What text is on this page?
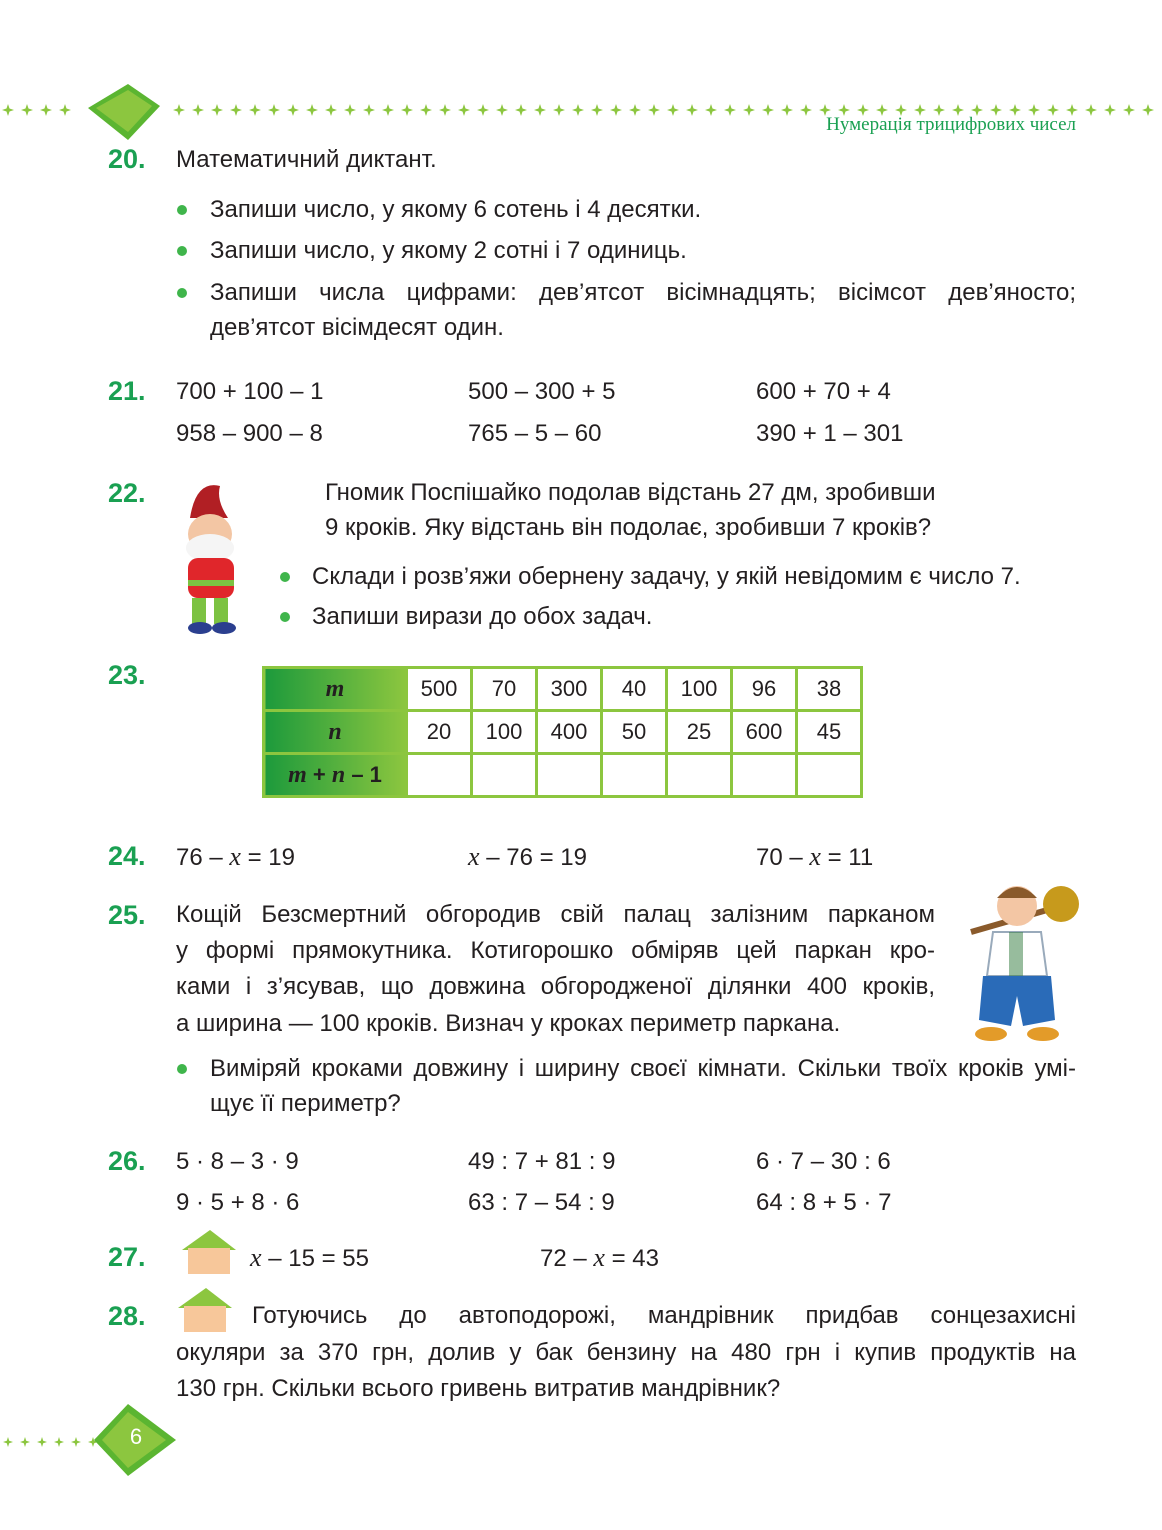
Нумерація трицифрових чисел
20. Математичний диктант.
Запиши число, у якому 6 сотень і 4 десятки.
Запиши число, у якому 2 сотні і 7 одиниць.
Запиши числа цифрами: дев’ятсот вісімнадцять; вісімсот дев’яносто;
дев’ятсот вісімдесят один.
21. 700 + 100 – 1	500 – 300 + 5	600 + 70 + 4
958 – 900 – 8	765 – 5 – 60	390 + 1 – 301
22.	Гномик Поспішайко подолав відстань 27 дм, зробивши
9 кроків. Яку відстань він подолає, зробивши 7 кроків?
Склади і розв’яжи обернену задачу, у якій невідомим є число 7.
Запиши вирази до обох задач.
23.	m	500	70	300	40	100	96	38
n	20	100	400	50	25	600	45
m + n – 1							
24. 76 – x = 19	x – 76 = 19	70 – x = 11
25. Кощій Безсмертний обгородив свій палац залізним парканом
у формі прямокутника. Котигорошко обміряв цей паркан кро-
ками і з’ясував, що довжина обгородженої ділянки 400 кроків,
а ширина — 100 кроків. Визнач у кроках периметр паркана.
Виміряй кроками довжину і ширину своєї кімнати. Скільки твоїх кроків умі-
щує її периметр?
26. 5 · 8 – 3 · 9	49 : 7 + 81 : 9	6 · 7 – 30 : 6
9 · 5 + 8 · 6	63 : 7 – 54 : 9	64 : 8 + 5 · 7
27.	x – 15 = 55	72 – x = 43
28.	Готуючись до автоподорожі, мандрівник придбав сонцезахисні
окуляри за 370 грн, долив у бак бензину на 480 грн і купив продуктів на
130 грн. Скільки всього гривень витратив мандрівник?
6
